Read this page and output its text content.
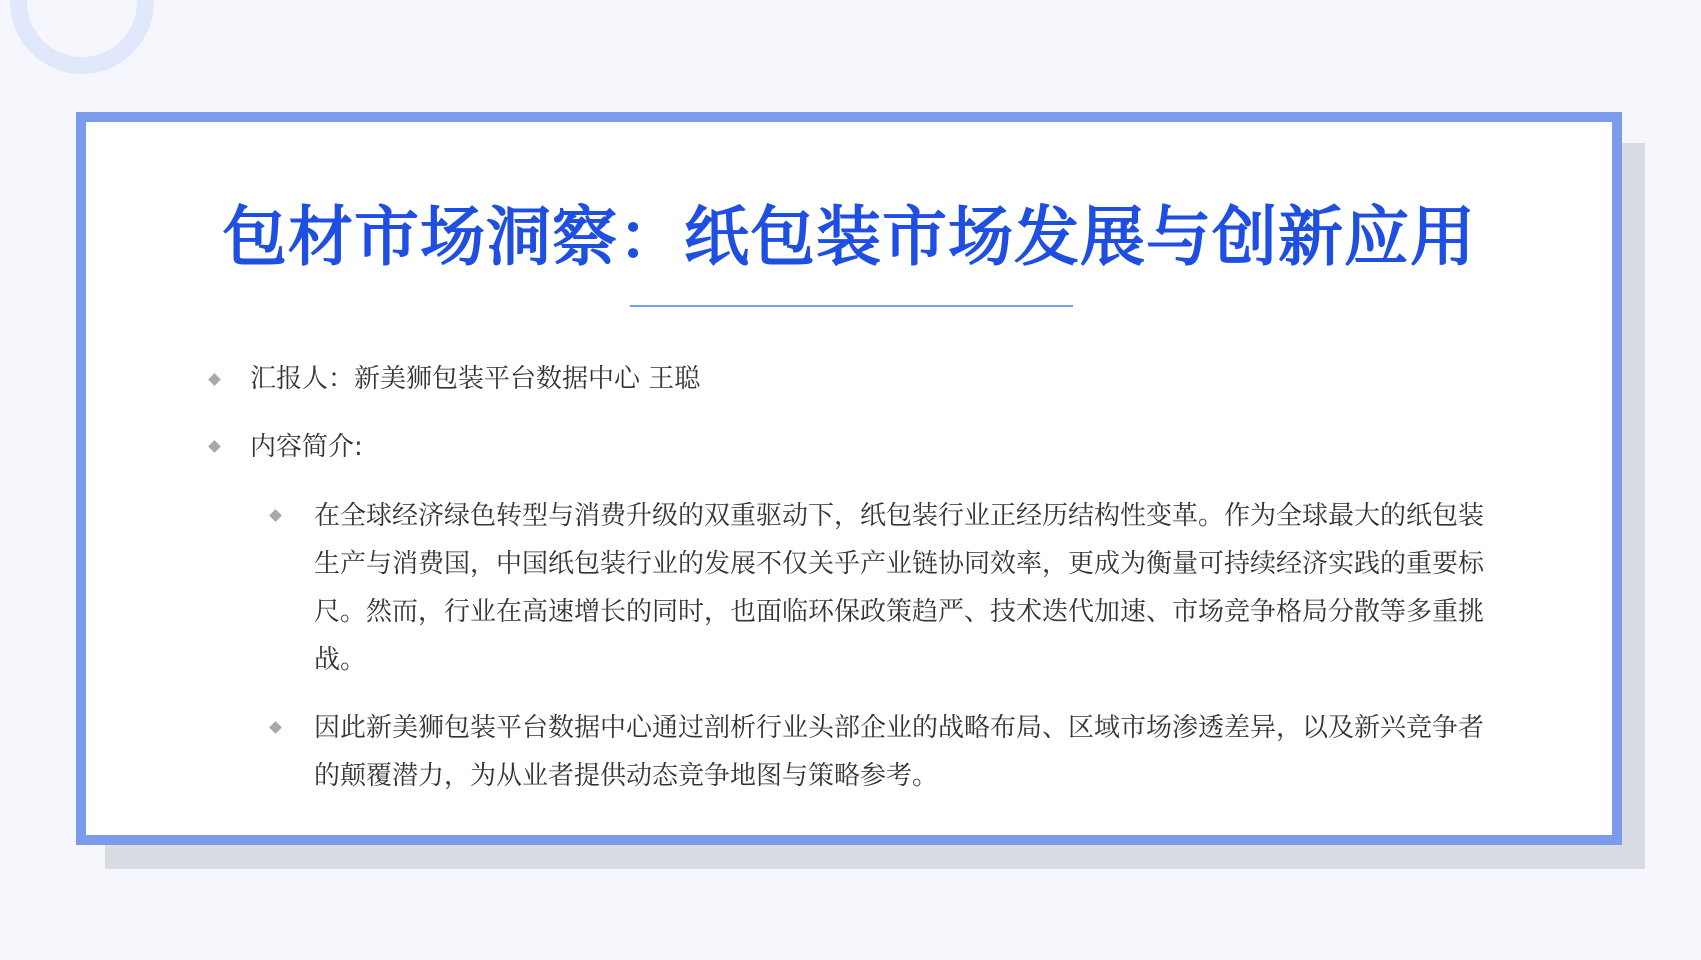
包材市场洞察：纸包装市场发展与创新应用
汇报人：新美狮包装平台数据中心 王聪
内容简介:
在全球经济绿色转型与消费升级的双重驱动下，纸包装行业正经历结构性变革。作为全球最大的纸包装生产与消费国，中国纸包装行业的发展不仅关乎产业链协同效率，更成为衡量可持续经济实践的重要标尺。然而，行业在高速增长的同时，也面临环保政策趋严、技术迭代加速、市场竞争格局分散等多重挑战。
因此新美狮包装平台数据中心通过剖析行业头部企业的战略布局、区域市场渗透差异，以及新兴竞争者的颠覆潜力，为从业者提供动态竞争地图与策略参考。
